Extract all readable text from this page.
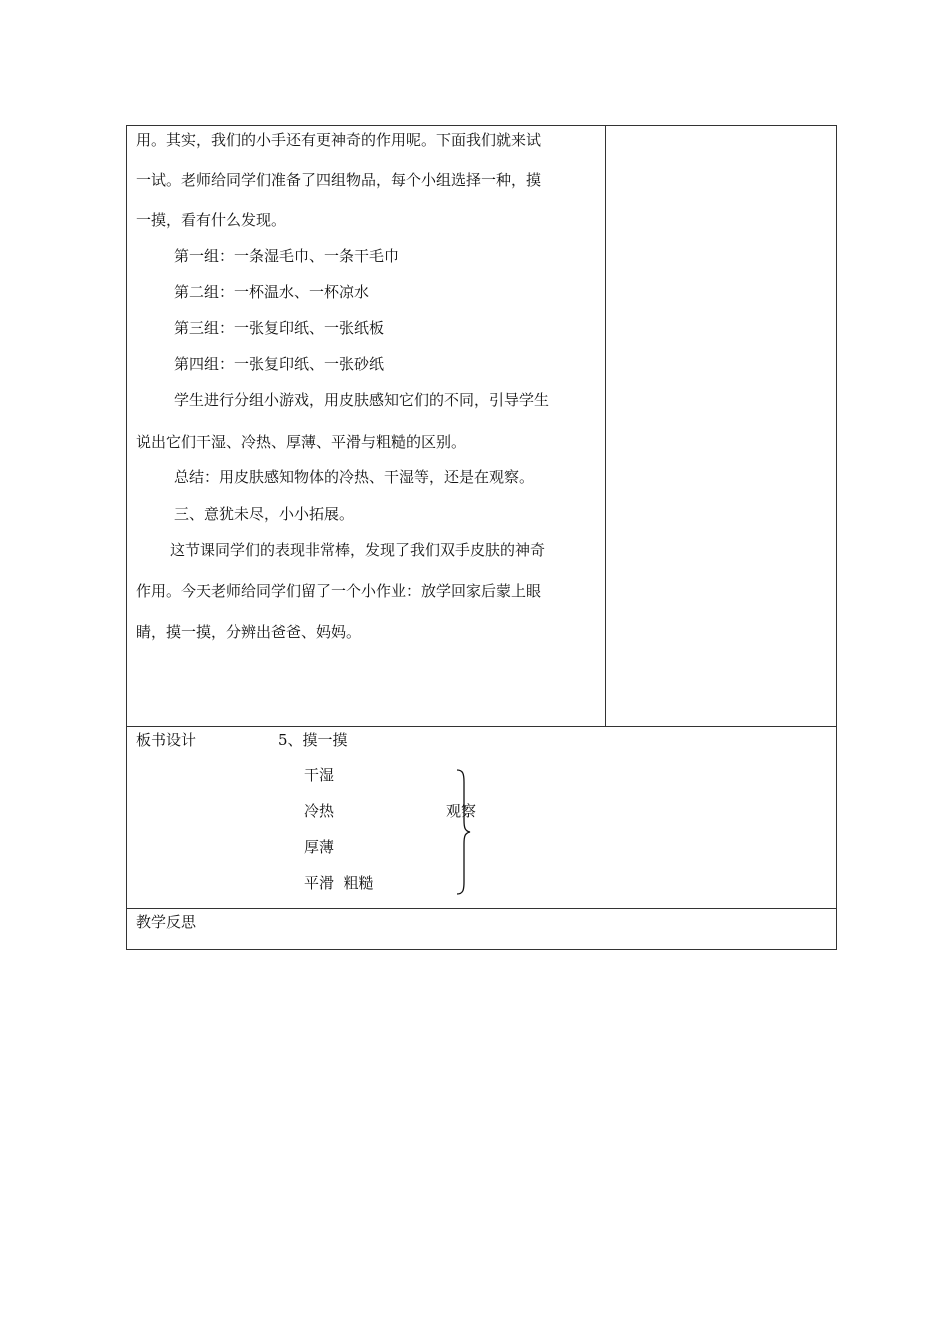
用。其实，我们的小手还有更神奇的作用呢。下面我们就来试
一试。老师给同学们准备了四组物品，每个小组选择一种，摸
一摸，看有什么发现。
第一组：一条湿毛巾、一条干毛巾
第二组：一杯温水、一杯凉水
第三组：一张复印纸、一张纸板
第四组：一张复印纸、一张砂纸
学生进行分组小游戏，用皮肤感知它们的不同，引导学生
说出它们干湿、冷热、厚薄、平滑与粗糙的区别。
总结：用皮肤感知物体的冷热、干湿等，还是在观察。
三、意犹未尽，小小拓展。
这节课同学们的表现非常棒，发现了我们双手皮肤的神奇
作用。今天老师给同学们留了一个小作业：放学回家后蒙上眼
睛，摸一摸，分辨出爸爸、妈妈。
板书设计	5、摸一摸
干湿
冷热
厚薄
平滑  粗糙
观察
教学反思
